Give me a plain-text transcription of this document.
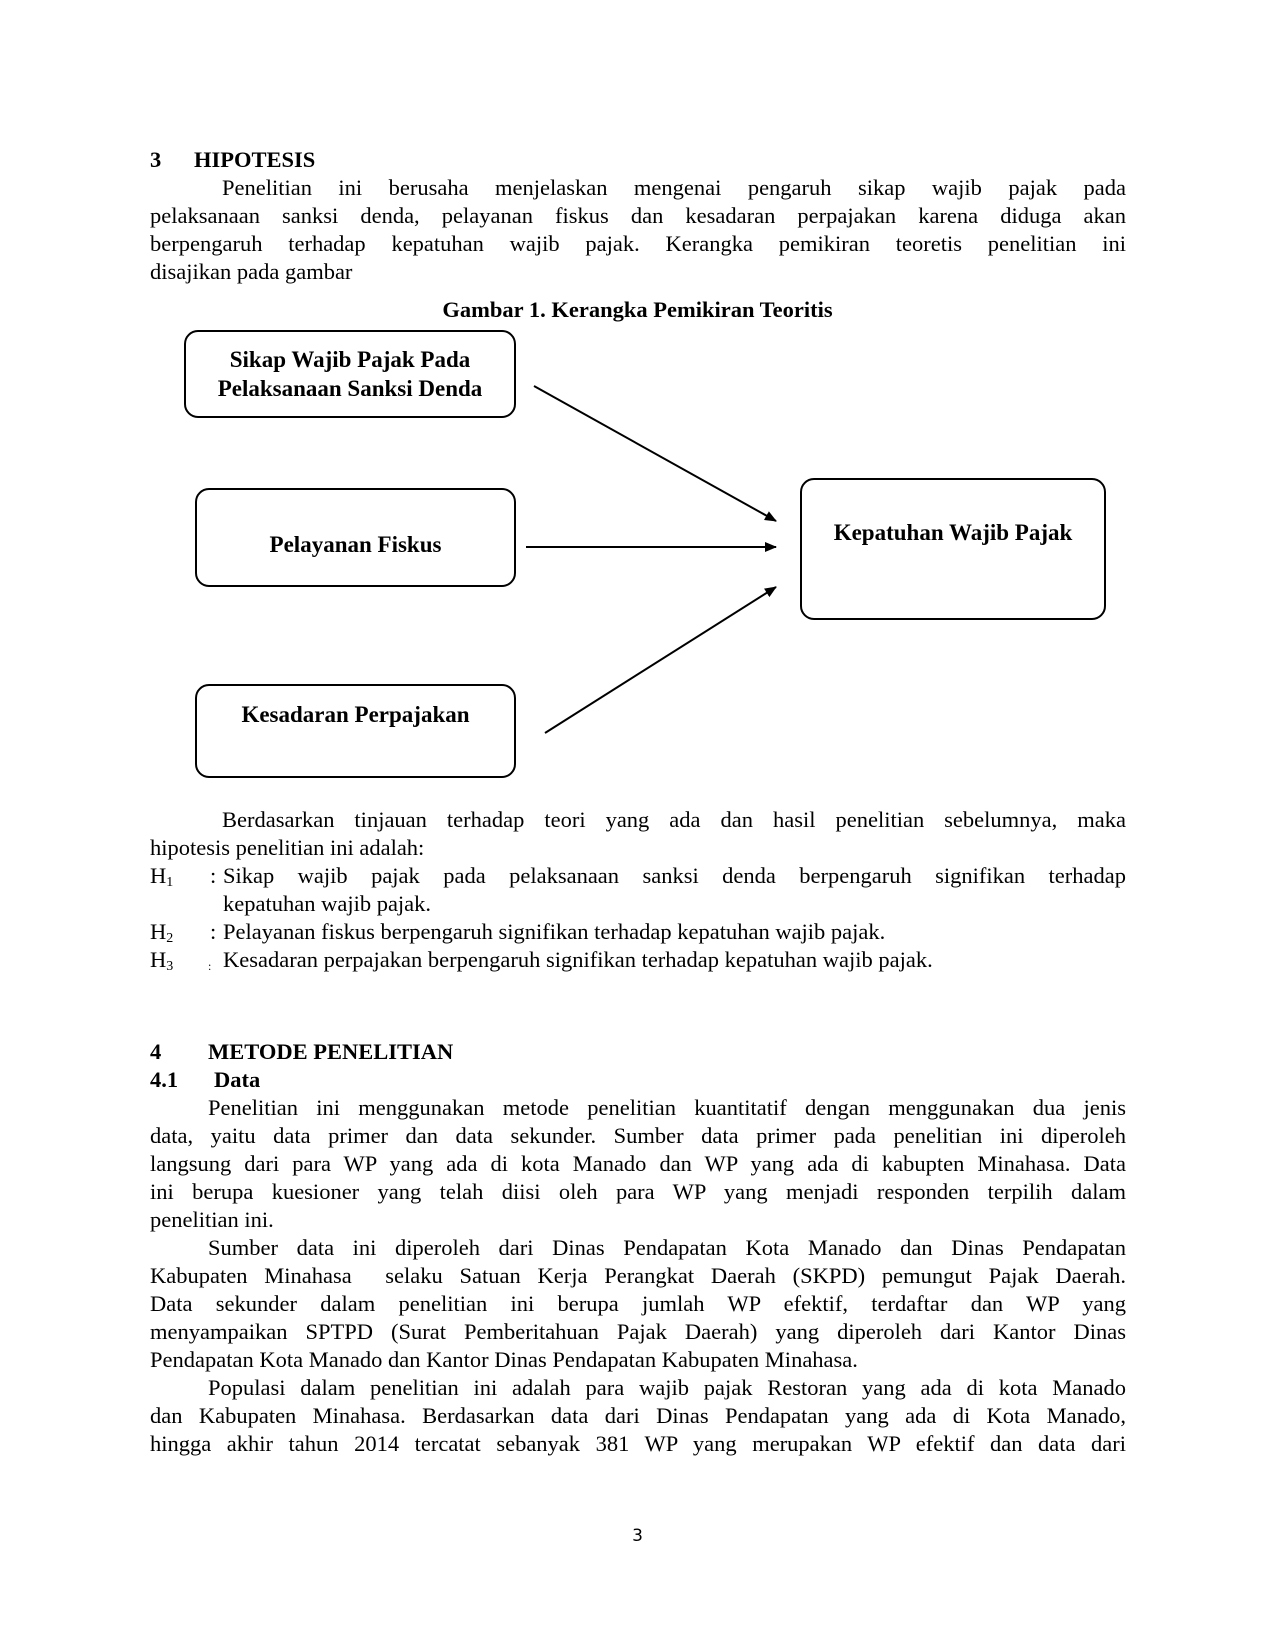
3 HIPOTESIS
Penelitian ini berusaha menjelaskan mengenai pengaruh sikap wajib pajak pada
pelaksanaan sanksi denda, pelayanan fiskus dan kesadaran perpajakan karena diduga akan
berpengaruh terhadap kepatuhan wajib pajak. Kerangka pemikiran teoretis penelitian ini
disajikan pada gambar
Gambar 1. Kerangka Pemikiran Teoritis
Sikap Wajib Pajak Pada
Pelaksanaan Sanksi Denda
Pelayanan Fiskus
Kesadaran Perpajakan
Kepatuhan Wajib Pajak
Berdasarkan tinjauan terhadap teori yang ada dan hasil penelitian sebelumnya, maka
hipotesis penelitian ini adalah:
$H_1$ : Sikap wajib pajak pada pelaksanaan sanksi denda berpengaruh signifikan terhadap
kepatuhan wajib pajak.
$H_2$ : Pelayanan fiskus berpengaruh signifikan terhadap kepatuhan wajib pajak.
$H_3$	: Kesadaran perpajakan berpengaruh signifikan terhadap kepatuhan wajib pajak.
4 METODE PENELITIAN
4.1 Data
Penelitian ini menggunakan metode penelitian kuantitatif dengan menggunakan dua jenis
data, yaitu data primer dan data sekunder. Sumber data primer pada penelitian ini diperoleh
langsung dari para WP yang ada di kota Manado dan WP yang ada di kabupten Minahasa. Data
ini berupa kuesioner yang telah diisi oleh para WP yang menjadi responden terpilih dalam
penelitian ini.
Sumber data ini diperoleh dari Dinas Pendapatan Kota Manado dan Dinas Pendapatan
Kabupaten Minahasa  selaku Satuan Kerja Perangkat Daerah (SKPD) pemungut Pajak Daerah.
Data sekunder dalam penelitian ini berupa jumlah WP efektif, terdaftar dan WP yang
menyampaikan SPTPD (Surat Pemberitahuan Pajak Daerah) yang diperoleh dari Kantor Dinas
Pendapatan Kota Manado dan Kantor Dinas Pendapatan Kabupaten Minahasa.
Populasi dalam penelitian ini adalah para wajib pajak Restoran yang ada di kota Manado
dan Kabupaten Minahasa. Berdasarkan data dari Dinas Pendapatan yang ada di Kota Manado,
hingga akhir tahun 2014 tercatat sebanyak 381 WP yang merupakan WP efektif dan data dari
3
